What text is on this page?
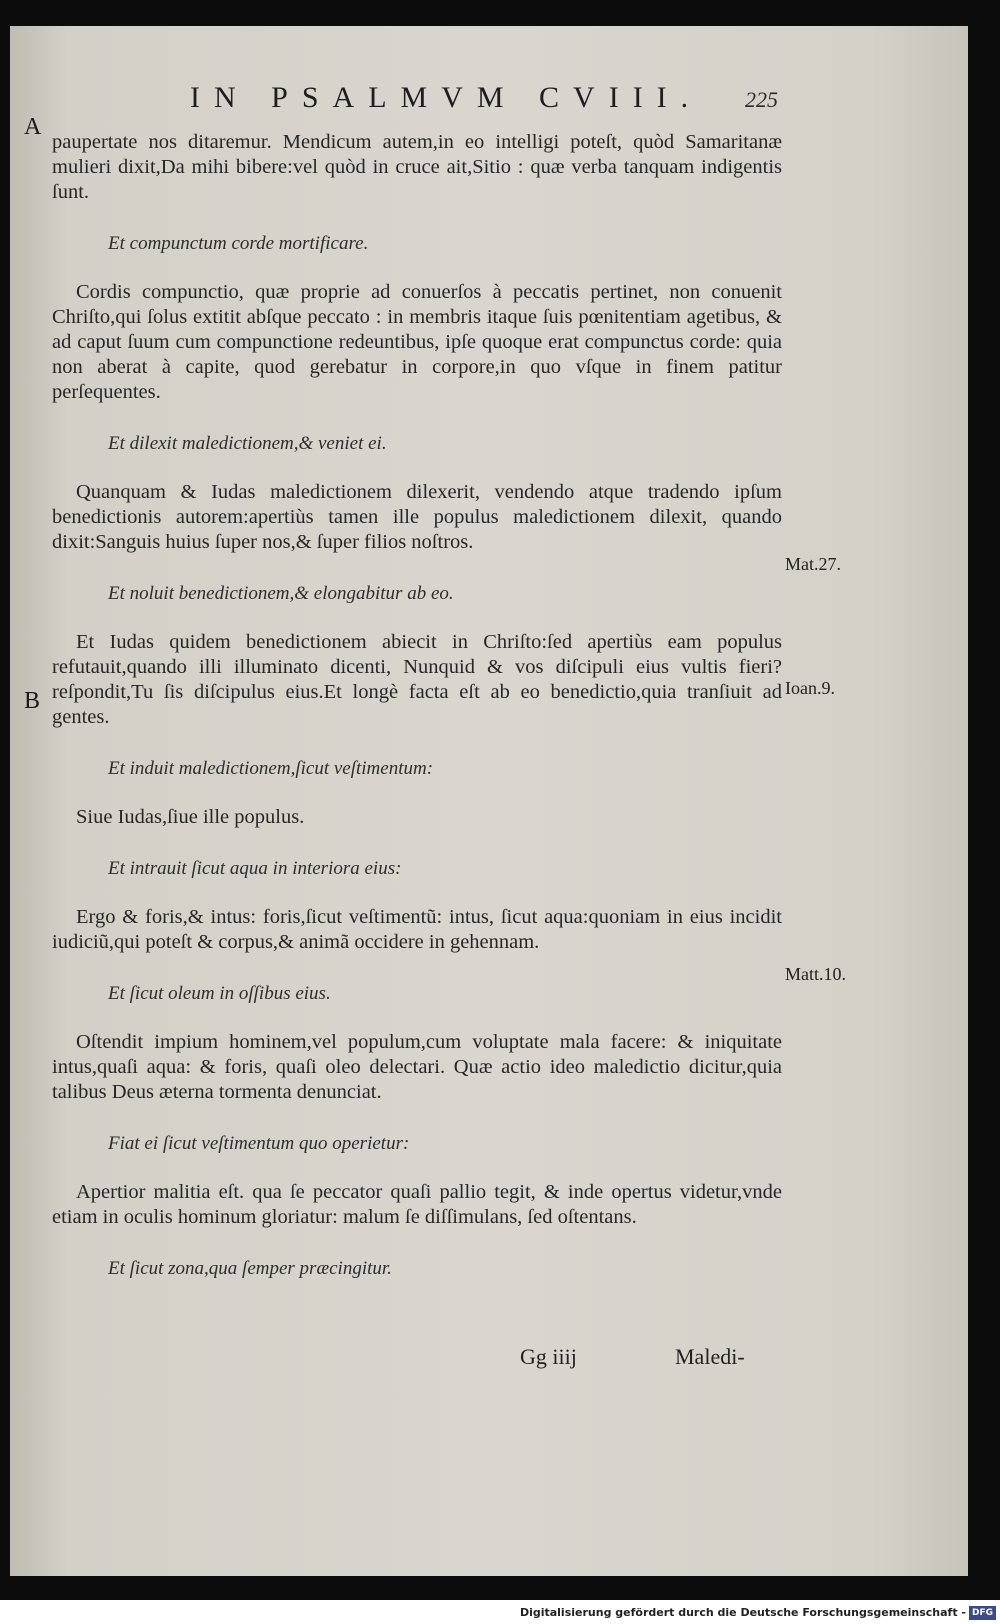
IN PSALMVM CVIII. 225
A
B

paupertate nos ditaremur. Mendicum autem,in eo intelligi poteſt, quòd Samaritanæ mulieri dixit,Da mihi bibere:vel quòd in cruce ait,Sitio : quæ verba tanquam indigentis ſunt.

Et compunctum corde mortificare.

Cordis compunctio, quæ proprie ad conuerſos à peccatis pertinet, non conuenit Chriſto,qui ſolus extitit abſque peccato : in membris itaque ſuis pœnitentiam agetibus, & ad caput ſuum cum compunctione redeuntibus, ipſe quoque erat compunctus corde: quia non aberat à capite, quod gerebatur in corpore,in quo vſque in finem patitur perſequentes.

Et dilexit maledictionem,& veniet ei.

Quanquam & Iudas maledictionem dilexerit, vendendo atque tradendo ipſum benedictionis autorem:apertiùs tamen ille populus maledictionem dilexit, quando dixit:Sanguis huius ſuper nos,& ſuper filios noſtros.

Et noluit benedictionem,& elongabitur ab eo.

Et Iudas quidem benedictionem abiecit in Chriſto:ſed apertiùs eam populus refutauit,quando illi illuminato dicenti, Nunquid & vos diſcipuli eius vultis fieri? reſpondit,Tu ſis diſcipulus eius.Et longè facta eſt ab eo benedictio,quia tranſiuit ad gentes.

Et induit maledictionem,ſicut veſtimentum:

Siue Iudas,ſiue ille populus.

Et intrauit ſicut aqua in interiora eius:

Ergo & foris,& intus: foris,ſicut veſtimentũ: intus, ſicut aqua:quoniam in eius incidit iudiciũ,qui poteſt & corpus,& animã occidere in gehennam.

Et ſicut oleum in oſſibus eius.

Oſtendit impium hominem,vel populum,cum voluptate mala facere: & iniquitate intus,quaſi aqua: & foris, quaſi oleo delectari. Quæ actio ideo maledictio dicitur,quia talibus Deus æterna tormenta denunciat.

Fiat ei ſicut veſtimentum quo operietur:

Apertior malitia eſt. qua ſe peccator quaſi pallio tegit, & inde opertus videtur,vnde etiam in oculis hominum gloriatur: malum ſe diſſimulans, ſed oſtentans.

Et ſicut zona,qua ſemper præcingitur.

Mat.27.
Ioan.9.
Matt.10.
Gg iiij	Maledi-
Digitalisierung gefördert durch die Deutsche Forschungsgemeinschaft - DFG
